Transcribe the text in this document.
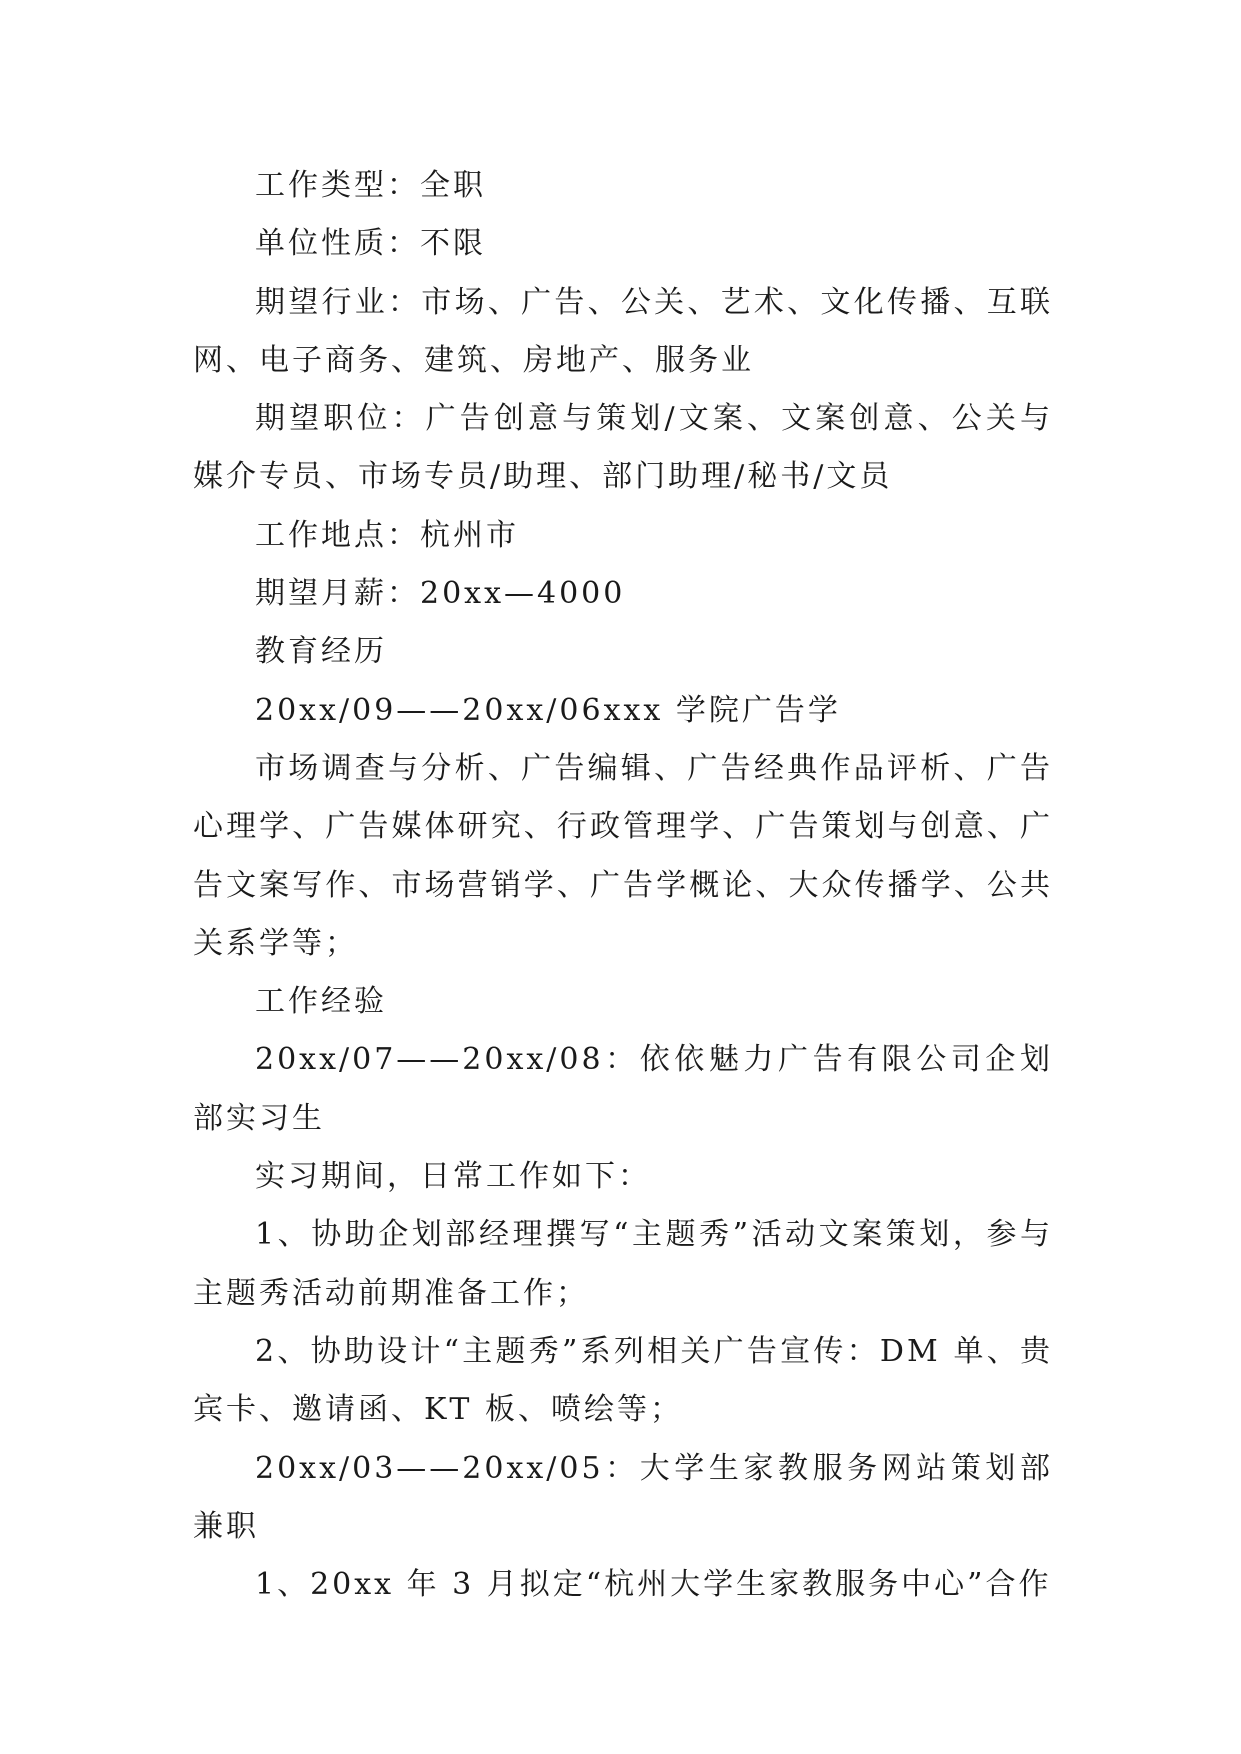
工作类型：全职

单位性质：不限

期望行业：市场、广告、公关、艺术、文化传播、互联网、电子商务、建筑、房地产、服务业

期望职位：广告创意与策划/文案、文案创意、公关与媒介专员、市场专员/助理、部门助理/秘书/文员

工作地点：杭州市

期望月薪：20xx—4000

教育经历

20xx/09——20xx/06xxx 学院广告学

市场调查与分析、广告编辑、广告经典作品评析、广告心理学、广告媒体研究、行政管理学、广告策划与创意、广告文案写作、市场营销学、广告学概论、大众传播学、公共关系学等；

工作经验

20xx/07——20xx/08：依依魅力广告有限公司企划部实习生

实习期间，日常工作如下：

1、协助企划部经理撰写“主题秀”活动文案策划，参与主题秀活动前期准备工作；

2、协助设计“主题秀”系列相关广告宣传：DM 单、贵宾卡、邀请函、KT 板、喷绘等；

20xx/03——20xx/05：大学生家教服务网站策划部兼职

1、20xx 年 3 月拟定“杭州大学生家教服务中心”合作
